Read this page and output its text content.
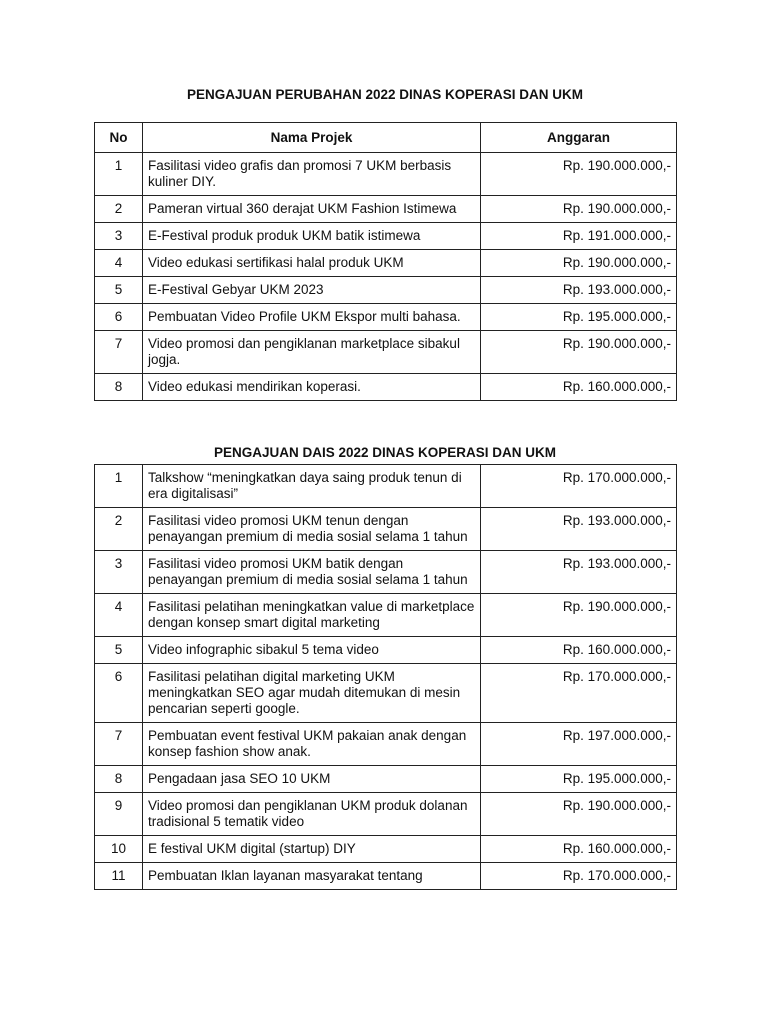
PENGAJUAN PERUBAHAN 2022 DINAS KOPERASI DAN UKM
No	Nama Projek	Anggaran
1	Fasilitasi video grafis dan promosi 7 UKM berbasis kuliner DIY.	Rp. 190.000.000,-
2	Pameran virtual 360 derajat UKM Fashion Istimewa	Rp. 190.000.000,-
3	E-Festival produk produk UKM batik istimewa	Rp. 191.000.000,-
4	Video edukasi sertifikasi halal produk UKM	Rp. 190.000.000,-
5	E-Festival Gebyar UKM 2023	Rp. 193.000.000,-
6	Pembuatan Video Profile UKM Ekspor multi bahasa.	Rp. 195.000.000,-
7	Video promosi dan pengiklanan marketplace sibakul jogja.	Rp. 190.000.000,-
8	Video edukasi mendirikan koperasi.	Rp. 160.000.000,-
PENGAJUAN DAIS 2022 DINAS KOPERASI DAN UKM
1	Talkshow “meningkatkan daya saing produk tenun di era digitalisasi”	Rp. 170.000.000,-
2	Fasilitasi video promosi UKM tenun dengan penayangan premium di media sosial selama 1 tahun	Rp. 193.000.000,-
3	Fasilitasi video promosi UKM batik dengan penayangan premium di media sosial selama 1 tahun	Rp. 193.000.000,-
4	Fasilitasi pelatihan meningkatkan value di marketplace dengan konsep smart digital marketing	Rp. 190.000.000,-
5	Video infographic sibakul 5 tema video	Rp. 160.000.000,-
6	Fasilitasi pelatihan digital marketing UKM meningkatkan SEO agar mudah ditemukan di mesin pencarian seperti google.	Rp. 170.000.000,-
7	Pembuatan event festival UKM pakaian anak dengan konsep fashion show anak.	Rp. 197.000.000,-
8	Pengadaan jasa SEO 10 UKM	Rp. 195.000.000,-
9	Video promosi dan pengiklanan UKM produk dolanan tradisional 5 tematik video	Rp. 190.000.000,-
10	E festival UKM digital (startup) DIY	Rp. 160.000.000,-
11	Pembuatan Iklan layanan masyarakat tentang	Rp. 170.000.000,-
